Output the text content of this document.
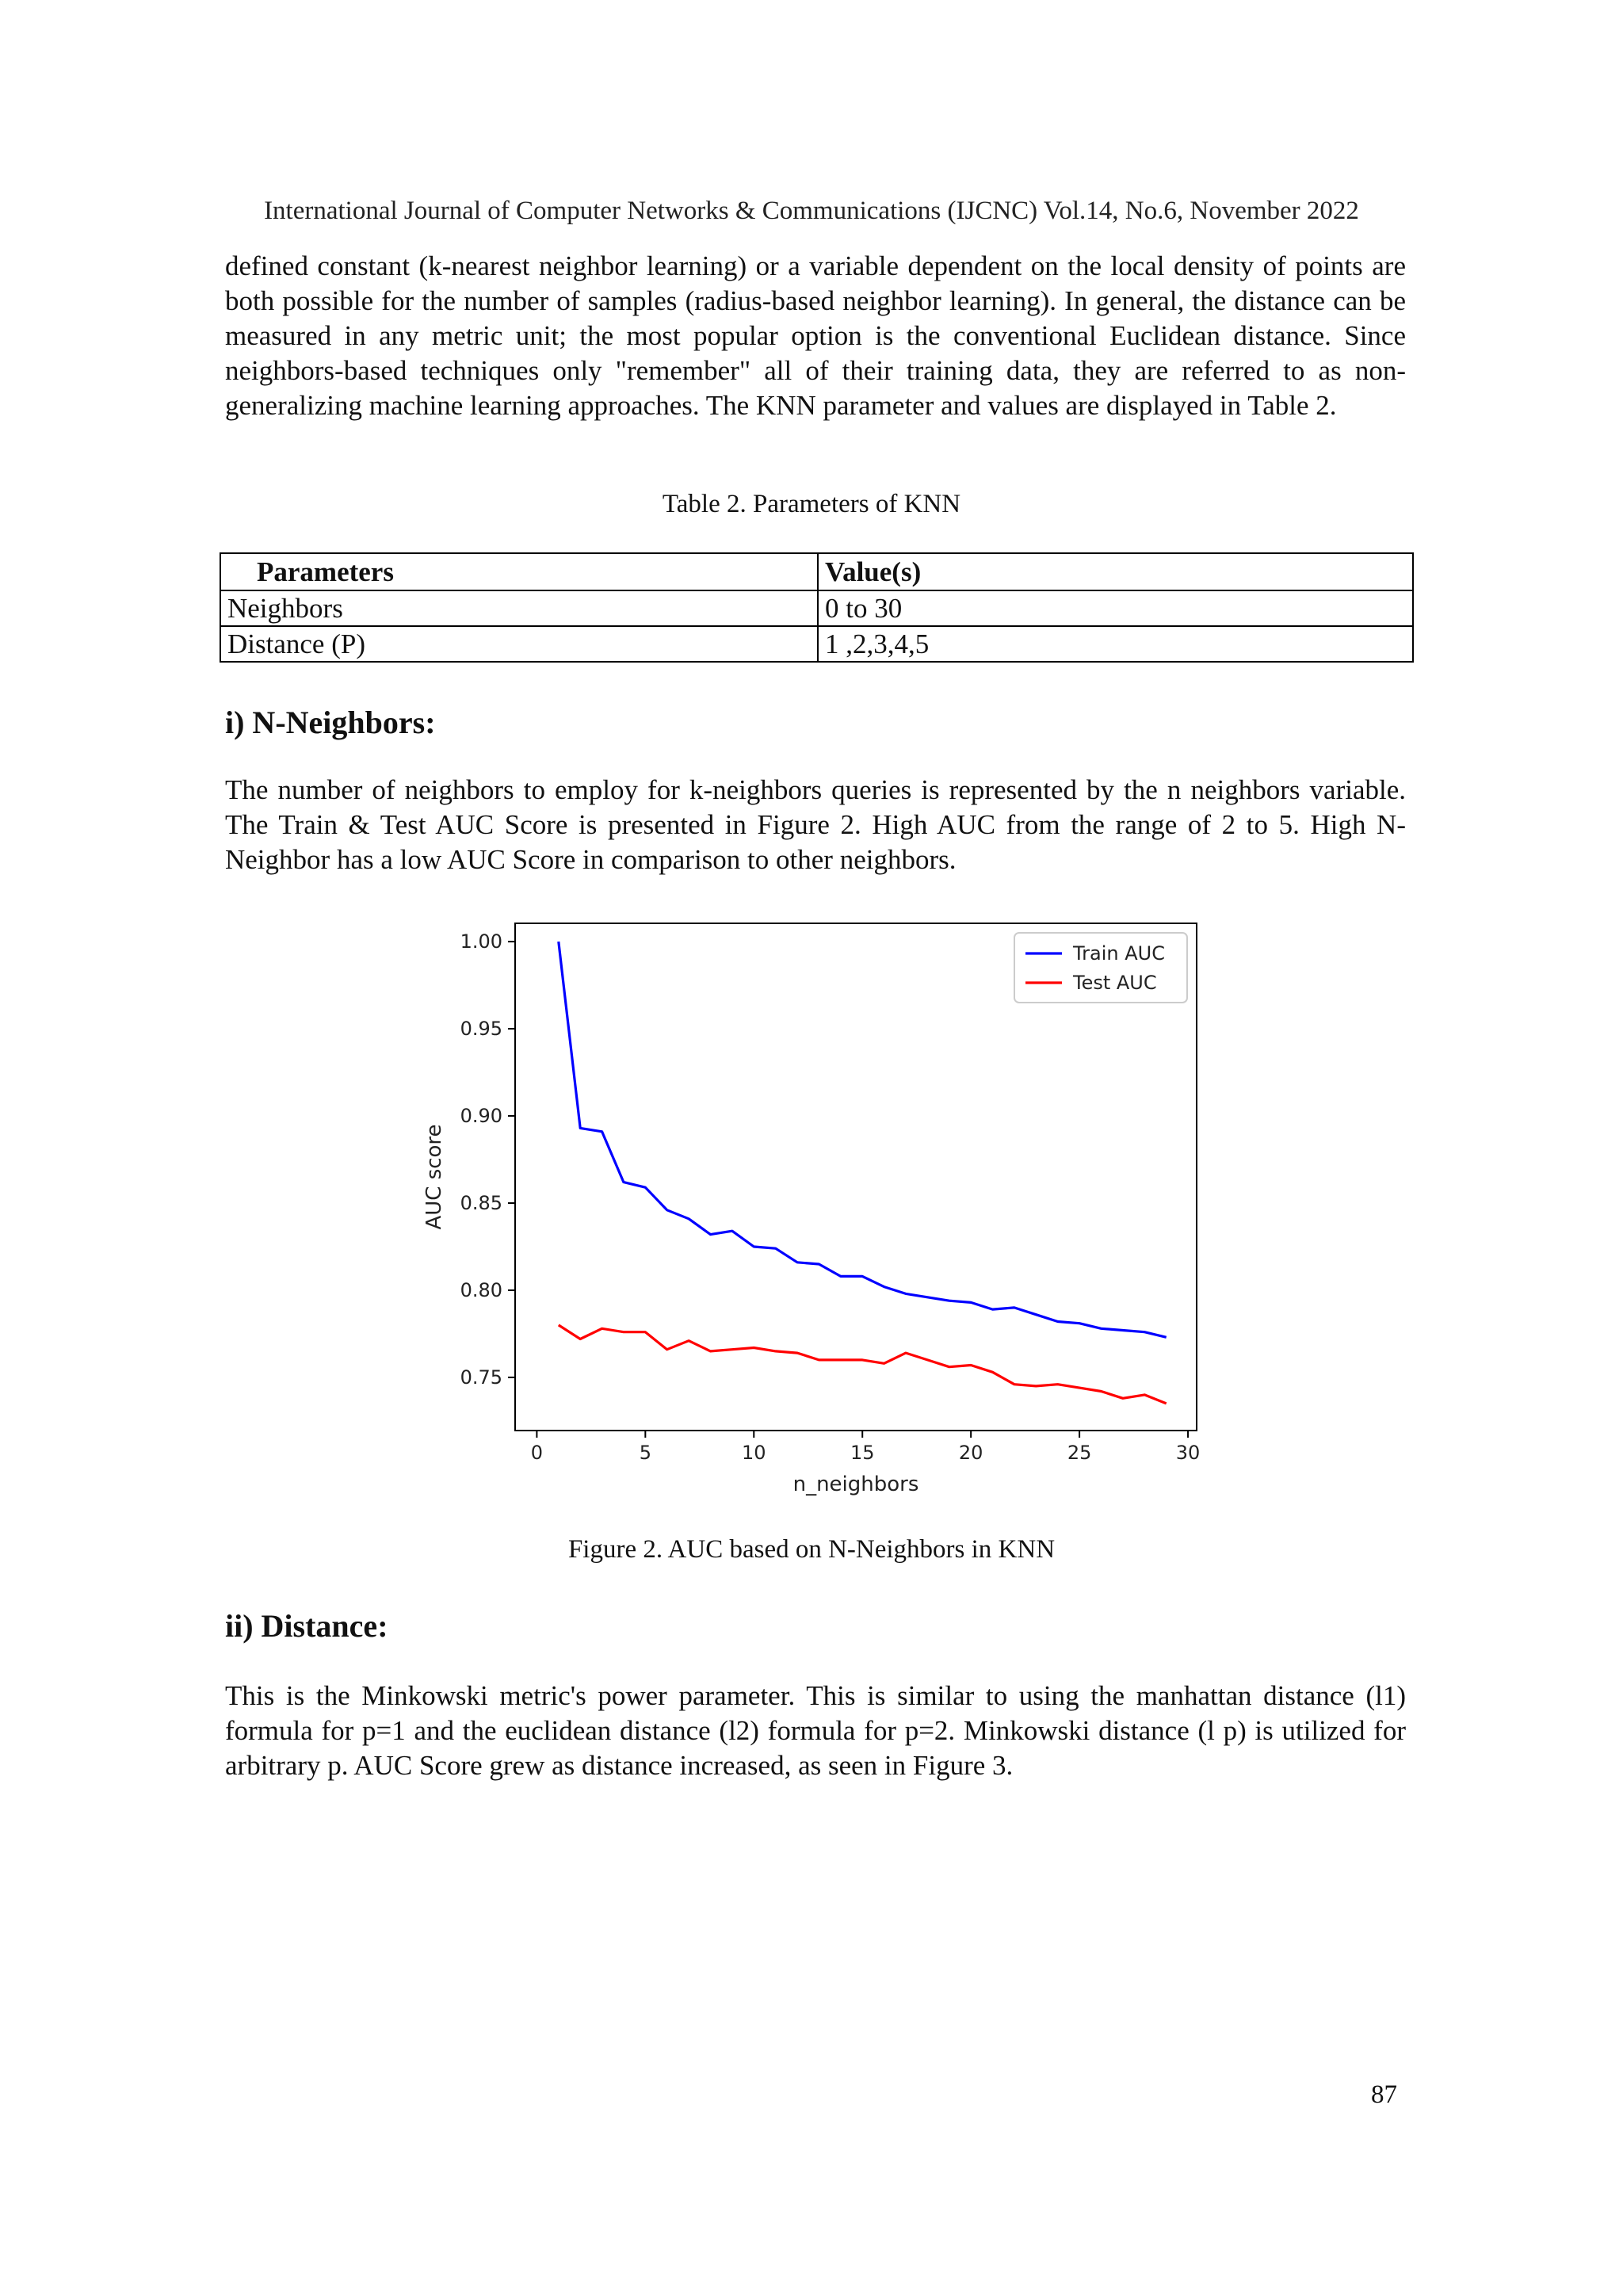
International Journal of Computer Networks & Communications (IJCNC) Vol.14, No.6, November 2022

defined constant (k-nearest neighbor learning) or a variable dependent on the local density of points are both possible for the number of samples (radius-based neighbor learning). In general, the distance can be measured in any metric unit; the most popular option is the conventional Euclidean distance. Since neighbors-based techniques only "remember" all of their training data, they are referred to as non-generalizing machine learning approaches. The KNN parameter and values are displayed in Table 2.

Table 2. Parameters of KNN
Parameters	Value(s)
Neighbors	0 to 30
Distance (P)	1 ,2,3,4,5
i) N-Neighbors:

The number of neighbors to employ for k-neighbors queries is represented by the n neighbors variable. The Train & Test AUC Score is presented in Figure 2. High AUC from the range of 2 to 5. High N-Neighbor has a low AUC Score in comparison to other neighbors.

0	5	10	15	20	25	30
0.75
0.80
0.85
0.90
0.95
1.00
n_neighbors
AUC score
Train AUC
Test AUC
Figure 2. AUC based on N-Neighbors in KNN
ii) Distance:

This is the Minkowski metric's power parameter. This is similar to using the manhattan distance (l1) formula for p=1 and the euclidean distance (l2) formula for p=2. Minkowski distance (l p) is utilized for arbitrary p. AUC Score grew as distance increased, as seen in Figure 3.

87
